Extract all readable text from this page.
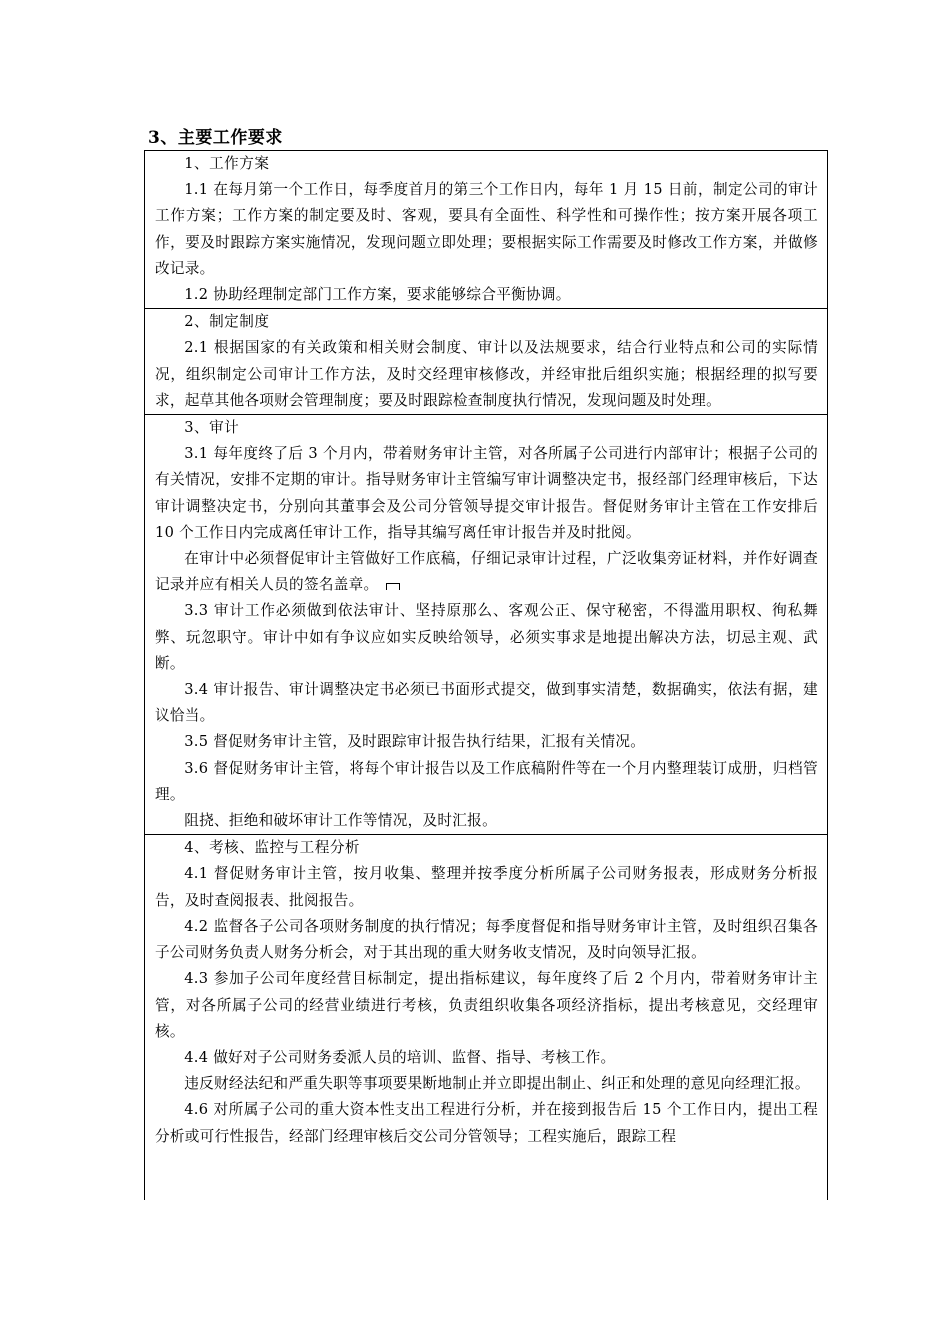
3、主要工作要求

1、工作方案

1.1 在每月第一个工作日，每季度首月的第三个工作日内，每年 1 月 15 日前，制定公司的审计工作方案；工作方案的制定要及时、客观，要具有全面性、科学性和可操作性；按方案开展各项工作，要及时跟踪方案实施情况，发现问题立即处理；要根据实际工作需要及时修改工作方案，并做修改记录。

1.2 协助经理制定部门工作方案，要求能够综合平衡协调。

2、制定制度

2.1 根据国家的有关政策和相关财会制度、审计以及法规要求，结合行业特点和公司的实际情况，组织制定公司审计工作方法，及时交经理审核修改，并经审批后组织实施；根据经理的拟写要求，起草其他各项财会管理制度；要及时跟踪检查制度执行情况，发现问题及时处理。

3、审计

3.1 每年度终了后 3 个月内，带着财务审计主管，对各所属子公司进行内部审计；根据子公司的有关情况，安排不定期的审计。指导财务审计主管编写审计调整决定书，报经部门经理审核后，下达审计调整决定书，分别向其董事会及公司分管领导提交审计报告。督促财务审计主管在工作安排后 10 个工作日内完成离任审计工作，指导其编写离任审计报告并及时批阅。

在审计中必须督促审计主管做好工作底稿，仔细记录审计过程，广泛收集旁证材料，并作好调查记录并应有相关人员的签名盖章。

3.3 审计工作必须做到依法审计、坚持原那么、客观公正、保守秘密，不得滥用职权、徇私舞弊、玩忽职守。审计中如有争议应如实反映给领导，必须实事求是地提出解决方法，切忌主观、武断。

3.4 审计报告、审计调整决定书必须已书面形式提交，做到事实清楚，数据确实，依法有据，建议恰当。

3.5 督促财务审计主管，及时跟踪审计报告执行结果，汇报有关情况。

3.6 督促财务审计主管，将每个审计报告以及工作底稿附件等在一个月内整理装订成册，归档管理。

阻挠、拒绝和破坏审计工作等情况，及时汇报。

4、考核、监控与工程分析

4.1 督促财务审计主管，按月收集、整理并按季度分析所属子公司财务报表，形成财务分析报告，及时查阅报表、批阅报告。

4.2 监督各子公司各项财务制度的执行情况；每季度督促和指导财务审计主管，及时组织召集各子公司财务负责人财务分析会，对于其出现的重大财务收支情况，及时向领导汇报。

4.3 参加子公司年度经营目标制定，提出指标建议，每年度终了后 2 个月内，带着财务审计主管，对各所属子公司的经营业绩进行考核，负责组织收集各项经济指标，提出考核意见，交经理审核。

4.4 做好对子公司财务委派人员的培训、监督、指导、考核工作。

违反财经法纪和严重失职等事项要果断地制止并立即提出制止、纠正和处理的意见向经理汇报。

4.6 对所属子公司的重大资本性支出工程进行分析，并在接到报告后 15 个工作日内，提出工程分析或可行性报告，经部门经理审核后交公司分管领导；工程实施后，跟踪工程
